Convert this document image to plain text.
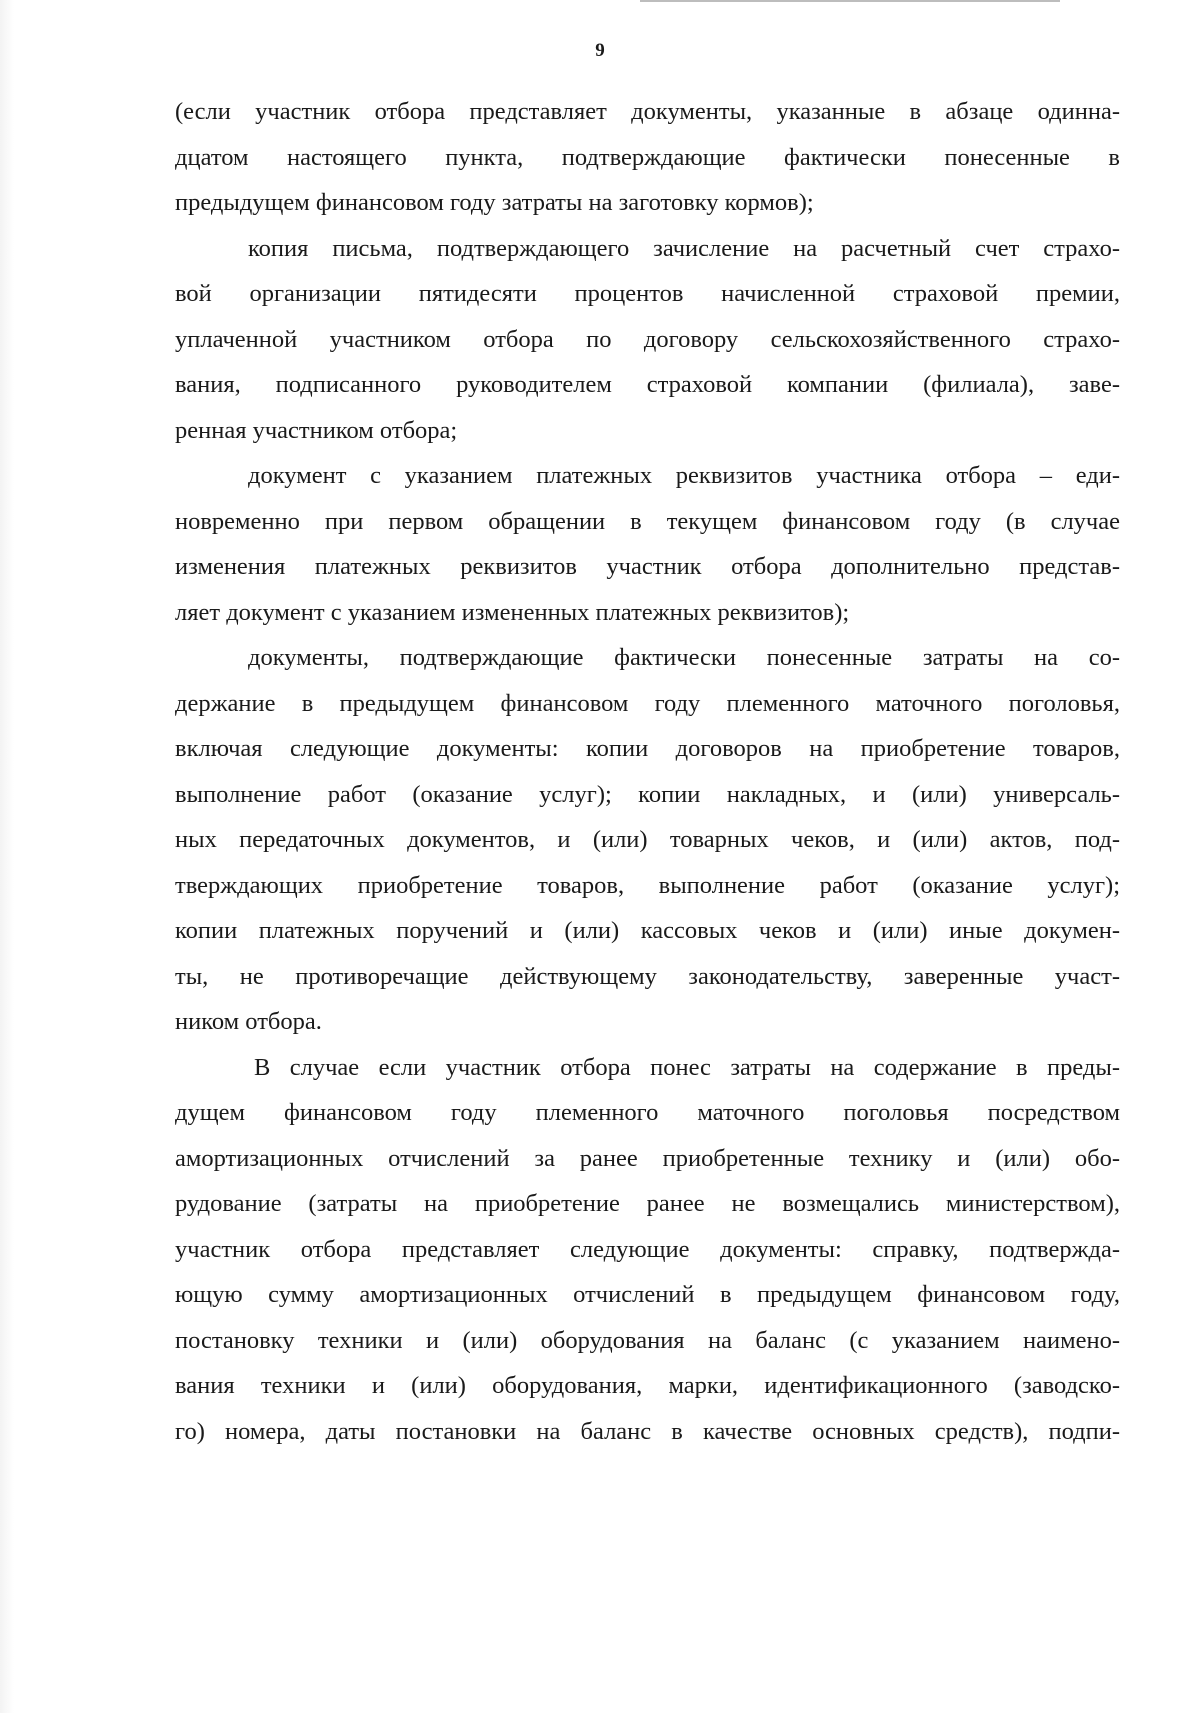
9
(если участник отбора представляет документы, указанные в абзаце одинна-
дцатом настоящего пункта, подтверждающие фактически понесенные в
предыдущем финансовом году затраты на заготовку кормов);
копия письма, подтверждающего зачисление на расчетный счет страхо-
вой организации пятидесяти процентов начисленной страховой премии,
уплаченной участником отбора по договору сельскохозяйственного страхо-
вания, подписанного руководителем страховой компании (филиала), заве-
ренная участником отбора;
документ с указанием платежных реквизитов участника отбора – еди-
новременно при первом обращении в текущем финансовом году (в случае
изменения платежных реквизитов участник отбора дополнительно представ-
ляет документ с указанием измененных платежных реквизитов);
документы, подтверждающие фактически понесенные затраты на со-
держание в предыдущем финансовом году племенного маточного поголовья,
включая следующие документы: копии договоров на приобретение товаров,
выполнение работ (оказание услуг); копии накладных, и (или) универсаль-
ных передаточных документов, и (или) товарных чеков, и (или) актов, под-
тверждающих приобретение товаров, выполнение работ (оказание услуг);
копии платежных поручений и (или) кассовых чеков и (или) иные докумен-
ты, не противоречащие действующему законодательству, заверенные участ-
ником отбора.
В случае если участник отбора понес затраты на содержание в преды-
дущем финансовом году племенного маточного поголовья посредством
амортизационных отчислений за ранее приобретенные технику и (или) обо-
рудование (затраты на приобретение ранее не возмещались министерством),
участник отбора представляет следующие документы: справку, подтвержда-
ющую сумму амортизационных отчислений в предыдущем финансовом году,
постановку техники и (или) оборудования на баланс (с указанием наимено-
вания техники и (или) оборудования, марки, идентификационного (заводско-
го) номера, даты постановки на баланс в качестве основных средств), подпи-
